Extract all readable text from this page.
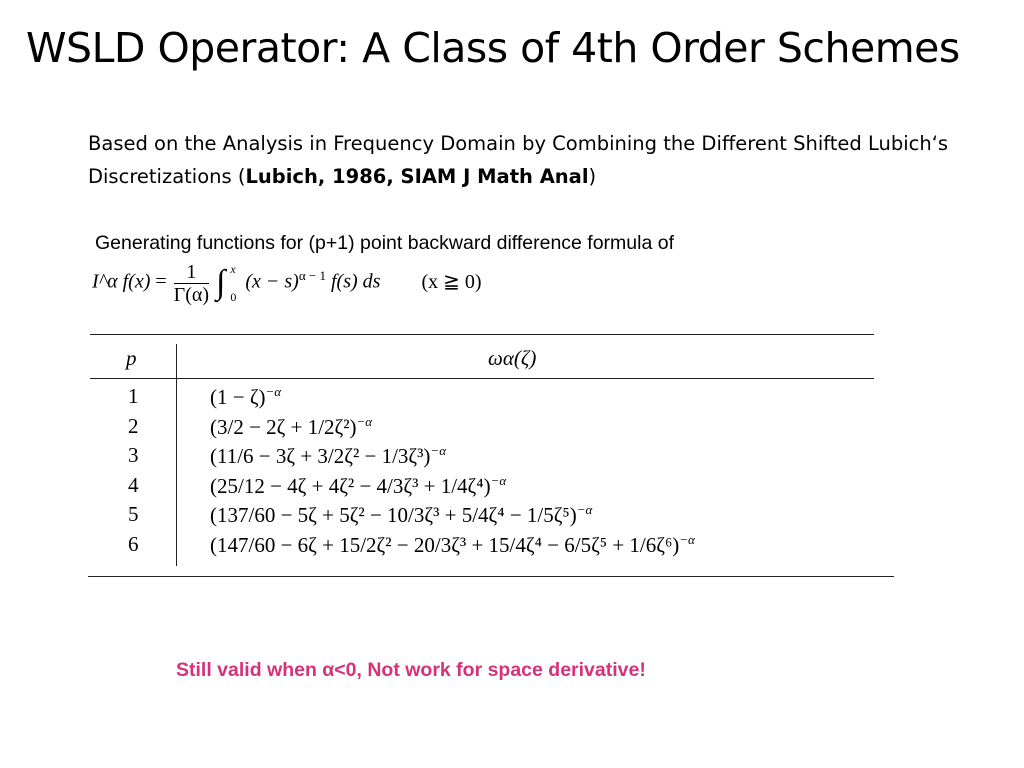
WSLD Operator: A Class of 4th Order Schemes
Based on the Analysis in Frequency Domain by Combining the Different Shifted Lubich‘s Discretizations (Lubich, 1986, SIAM J Math Anal)
Generating functions for (p+1) point backward difference formula of
I^α $f(x) = \frac{1}{\Gamma(\alpha)}$ ∫ x
0 $(x - s)^{\alpha - 1}$ f(s) ds (x ≧ 0)
p	ωα(ζ)
1	$(1 - \zeta)^{-\alpha}$
2	$(3/2 - 2\zeta + 1/2\zeta^2)^{-\alpha}$
3	$(11/6 - 3\zeta + 3/2\zeta^2 - 1/3\zeta^3)^{-\alpha}$
4	$(25/12 - 4\zeta + 4\zeta^2 - 4/3\zeta^3 + 1/4\zeta^4)^{-\alpha}$
5	$(137/60 - 5\zeta + 5\zeta^2 - 10/3\zeta^3 + 5/4\zeta^4 - 1/5\zeta^5)^{-\alpha}$
6	$(147/60 - 6\zeta + 15/2\zeta^2 - 20/3\zeta^3 + 15/4\zeta^4 - 6/5\zeta^5 + 1/6\zeta^6)^{-\alpha}$
Still valid when α<0, Not work for space derivative!
